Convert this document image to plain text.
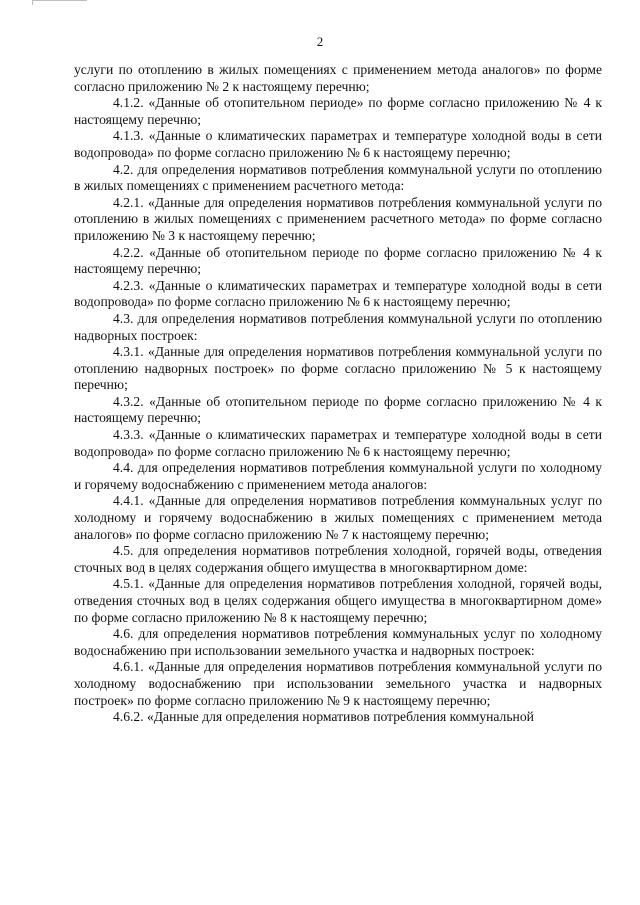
2

услуги по отоплению в жилых помещениях с применением метода аналогов» по форме согласно приложению № 2 к настоящему перечню;

4.1.2. «Данные об отопительном периоде» по форме согласно приложению № 4 к настоящему перечню;

4.1.3. «Данные о климатических параметрах и температуре холодной воды в сети водопровода» по форме согласно приложению № 6 к настоящему перечню;

4.2. для определения нормативов потребления коммунальной услуги по отоплению в жилых помещениях с применением расчетного метода:

4.2.1. «Данные для определения нормативов потребления коммунальной услуги по отоплению в жилых помещениях с применением расчетного метода» по форме согласно приложению № 3 к настоящему перечню;

4.2.2. «Данные об отопительном периоде по форме согласно приложению № 4 к настоящему перечню;

4.2.3. «Данные о климатических параметрах и температуре холодной воды в сети водопровода» по форме согласно приложению № 6 к настоящему перечню;

4.3. для определения нормативов потребления коммунальной услуги по отоплению надворных построек:

4.3.1. «Данные для определения нормативов потребления коммунальной услуги по отоплению надворных построек» по форме согласно приложению № 5 к настоящему перечню;

4.3.2. «Данные об отопительном периоде по форме согласно приложению № 4 к настоящему перечню;

4.3.3. «Данные о климатических параметрах и температуре холодной воды в сети водопровода» по форме согласно приложению № 6 к настоящему перечню;

4.4. для определения нормативов потребления коммунальной услуги по холодному и горячему водоснабжению с применением метода аналогов:

4.4.1. «Данные для определения нормативов потребления коммунальных услуг по холодному и горячему водоснабжению в жилых помещениях с применением метода аналогов» по форме согласно приложению № 7 к настоящему перечню;

4.5. для определения нормативов потребления холодной, горячей воды, отведения сточных вод в целях содержания общего имущества в многоквартирном доме:

4.5.1. «Данные для определения нормативов потребления холодной, горячей воды, отведения сточных вод в целях содержания общего имущества в многоквартирном доме» по форме согласно приложению № 8 к настоящему перечню;

4.6. для определения нормативов потребления коммунальных услуг по холодному водоснабжению при использовании земельного участка и надворных построек:

4.6.1. «Данные для определения нормативов потребления коммунальной услуги по холодному водоснабжению при использовании земельного участка и надворных построек» по форме согласно приложению № 9 к настоящему перечню;

4.6.2. «Данные для определения нормативов потребления коммунальной
